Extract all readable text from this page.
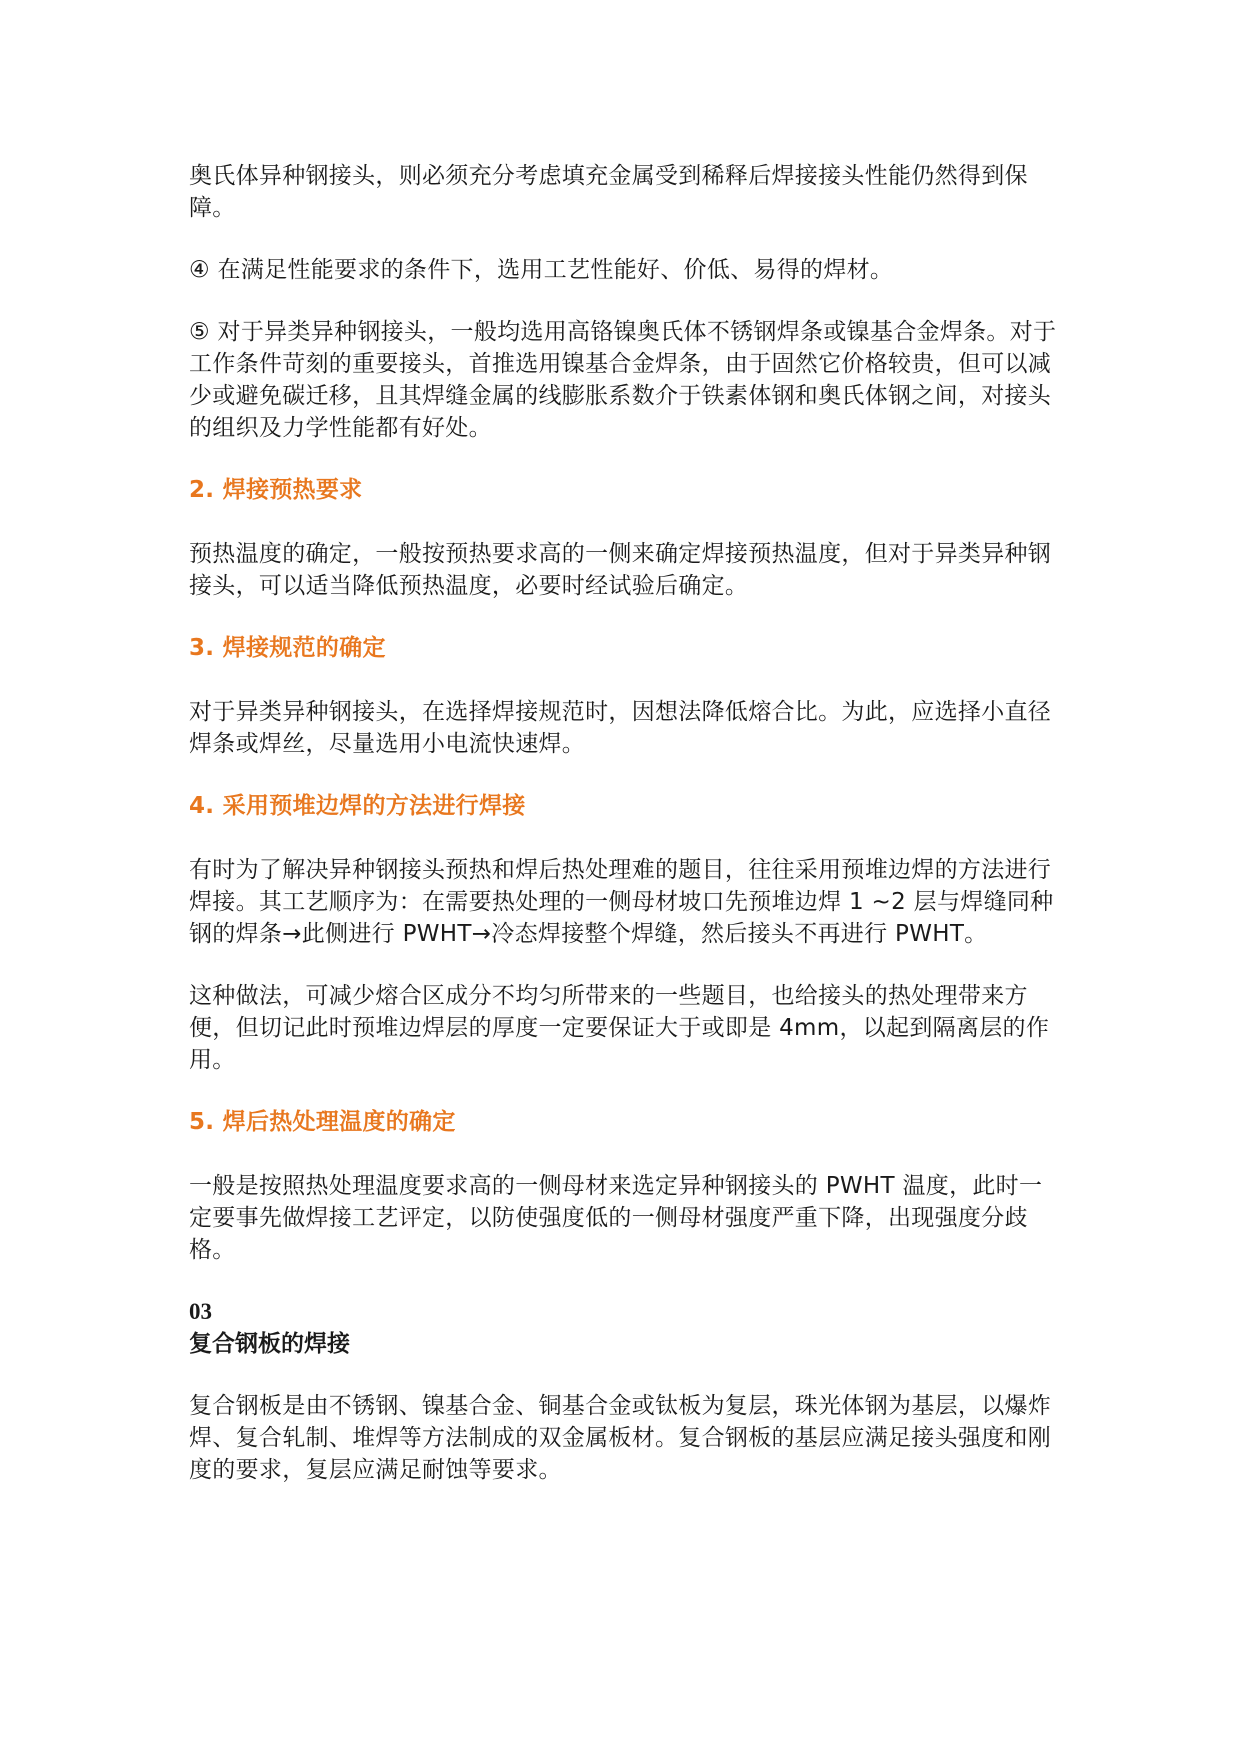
奥氏体异种钢接头，则必须充分考虑填充金属受到稀释后焊接接头性能仍然得到保障。

④ 在满足性能要求的条件下，选用工艺性能好、价低、易得的焊材。

⑤ 对于异类异种钢接头，一般均选用高铬镍奥氏体不锈钢焊条或镍基合金焊条。对于工作条件苛刻的重要接头，首推选用镍基合金焊条，由于固然它价格较贵，但可以减少或避免碳迁移，且其焊缝金属的线膨胀系数介于铁素体钢和奥氏体钢之间，对接头的组织及力学性能都有好处。

2. 焊接预热要求

预热温度的确定，一般按预热要求高的一侧来确定焊接预热温度，但对于异类异种钢接头，可以适当降低预热温度，必要时经试验后确定。

3. 焊接规范的确定

对于异类异种钢接头，在选择焊接规范时，因想法降低熔合比。为此，应选择小直径焊条或焊丝，尽量选用小电流快速焊。

4. 采用预堆边焊的方法进行焊接

有时为了解决异种钢接头预热和焊后热处理难的题目，往往采用预堆边焊的方法进行焊接。其工艺顺序为：在需要热处理的一侧母材坡口先预堆边焊 1 ~2 层与焊缝同种钢的焊条→此侧进行 PWHT→冷态焊接整个焊缝，然后接头不再进行 PWHT。

这种做法，可减少熔合区成分不均匀所带来的一些题目，也给接头的热处理带来方便，但切记此时预堆边焊层的厚度一定要保证大于或即是 4mm，以起到隔离层的作用。

5. 焊后热处理温度的确定

一般是按照热处理温度要求高的一侧母材来选定异种钢接头的 PWHT 温度，此时一定要事先做焊接工艺评定，以防使强度低的一侧母材强度严重下降，出现强度分歧格。

03

复合钢板的焊接

复合钢板是由不锈钢、镍基合金、铜基合金或钛板为复层，珠光体钢为基层，以爆炸焊、复合轧制、堆焊等方法制成的双金属板材。复合钢板的基层应满足接头强度和刚度的要求，复层应满足耐蚀等要求。
